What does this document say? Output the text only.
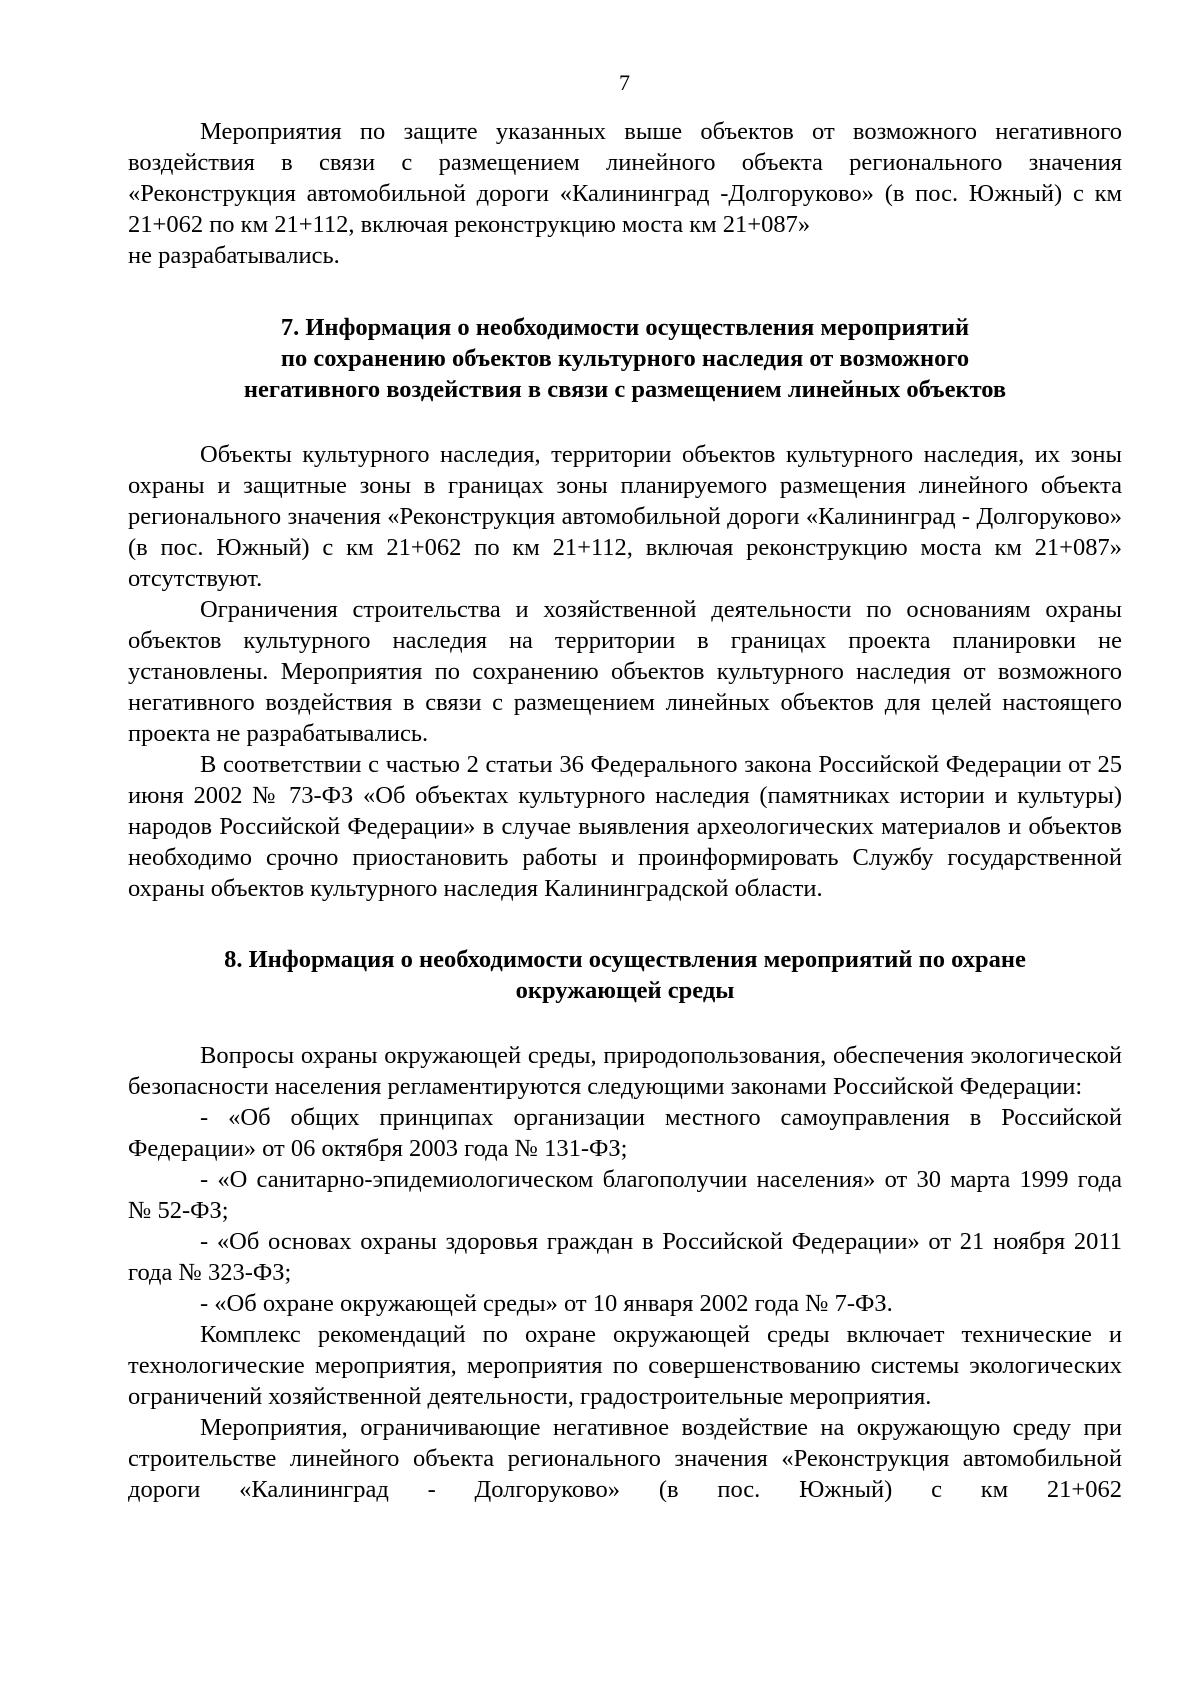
7

Мероприятия по защите указанных выше объектов от возможного негативного воздействия в связи с размещением линейного объекта регионального значения «Реконструкция автомобильной дороги «Калининград -Долгоруково» (в пос. Южный) с км 21+062 по км 21+112, включая реконструкцию моста км 21+087»

не разрабатывались.

7. Информация о необходимости осуществления мероприятий
по сохранению объектов культурного наследия от возможного
негативного воздействия в связи с размещением линейных объектов

Объекты культурного наследия, территории объектов культурного наследия, их зоны охраны и защитные зоны в границах зоны планируемого размещения линейного объекта регионального значения «Реконструкция автомобильной дороги «Калининград - Долгоруково» (в пос. Южный) с км 21+062 по км 21+112, включая реконструкцию моста км 21+087» отсутствуют.

Ограничения строительства и хозяйственной деятельности по основаниям охраны объектов культурного наследия на территории в границах проекта планировки не установлены. Мероприятия по сохранению объектов культурного наследия от возможного негативного воздействия в связи с размещением линейных объектов для целей настоящего проекта не разрабатывались.

В соответствии с частью 2 статьи 36 Федерального закона Российской Федерации от 25 июня 2002 № 73-ФЗ «Об объектах культурного наследия (памятниках истории и культуры) народов Российской Федерации» в случае выявления археологических материалов и объектов необходимо срочно приостановить работы и проинформировать Службу государственной охраны объектов культурного наследия Калининградской области.

8. Информация о необходимости осуществления мероприятий по охране
окружающей среды

Вопросы охраны окружающей среды, природопользования, обеспечения экологической безопасности населения регламентируются следующими законами Российской Федерации:

- «Об общих принципах организации местного самоуправления в Российской Федерации» от 06 октября 2003 года № 131-ФЗ;

- «О санитарно-эпидемиологическом благополучии населения» от 30 марта 1999 года № 52-ФЗ;

- «Об основах охраны здоровья граждан в Российской Федерации» от 21 ноября 2011 года № 323-ФЗ;

- «Об охране окружающей среды» от 10 января 2002 года № 7-ФЗ.

Комплекс рекомендаций по охране окружающей среды включает технические и технологические мероприятия, мероприятия по совершенствованию системы экологических ограничений хозяйственной деятельности, градостроительные мероприятия.

Мероприятия, ограничивающие негативное воздействие на окружающую среду при строительстве линейного объекта регионального значения «Реконструкция автомобильной дороги «Калининград - Долгоруково» (в пос. Южный) с км 21+062
